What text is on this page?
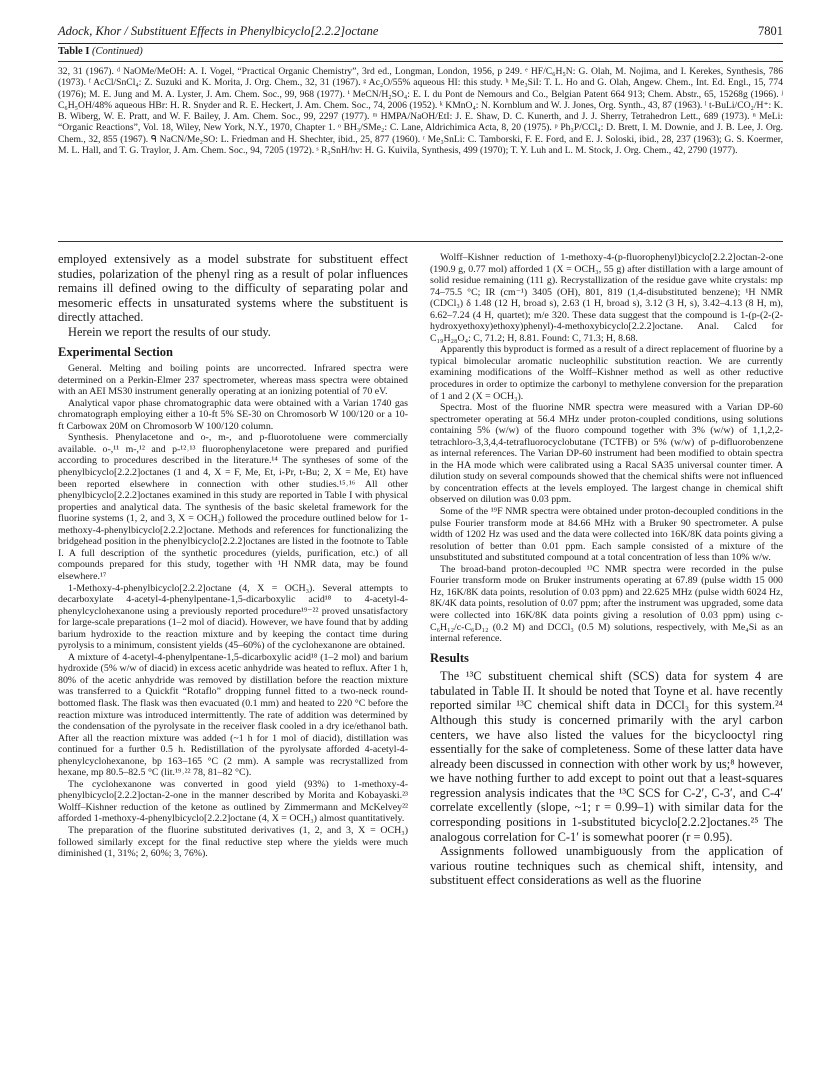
Adock, Khor / Substituent Effects in Phenylbicyclo[2.2.2]octane	7801
Table I (Continued)
32, 31 (1967). ᵈ NaOMe/MeOH: A. I. Vogel, “Practical Organic Chemistry”, 3rd ed., Longman, London, 1956, p 249. ᵉ HF/C₆H₅N: G. Olah, M. Nojima, and I. Kerekes, Synthesis, 786 (1973). ᶠ AcCl/SnCl₄: Z. Suzuki and K. Morita, J. Org. Chem., 32, 31 (1967). ᵍ Ac₂O/55% aqueous HI: this study. ʰ Me₃SiI: T. L. Ho and G. Olah, Angew. Chem., Int. Ed. Engl., 15, 774 (1976); M. E. Jung and M. A. Lyster, J. Am. Chem. Soc., 99, 968 (1977). ⁱ MeCN/H₂SO₄: E. I. du Pont de Nemours and Co., Belgian Patent 664 913; Chem. Abstr., 65, 15268g (1966). ʲ C₆H₅OH/48% aqueous HBr: H. R. Snyder and R. E. Heckert, J. Am. Chem. Soc., 74, 2006 (1952). ᵏ KMnO₄: N. Kornblum and W. J. Jones, Org. Synth., 43, 87 (1963). ˡ t-BuLi/CO₂/H⁺: K. B. Wiberg, W. E. Pratt, and W. F. Bailey, J. Am. Chem. Soc., 99, 2297 (1977). ᵐ HMPA/NaOH/EtI: J. E. Shaw, D. C. Kunerth, and J. J. Sherry, Tetrahedron Lett., 689 (1973). ⁿ MeLi: “Organic Reactions”, Vol. 18, Wiley, New York, N.Y., 1970, Chapter 1. ᵒ BH₃/SMe₂: C. Lane, Aldrichimica Acta, 8, 20 (1975). ᵖ Ph₃P/CCl₄: D. Brett, I. M. Downie, and J. B. Lee, J. Org. Chem., 32, 855 (1967). ᑫ NaCN/Me₂SO: L. Friedman and H. Shechter, ibid., 25, 877 (1960). ʳ Me₃SnLi: C. Tamborski, F. E. Ford, and E. J. Soloski, ibid., 28, 237 (1963); G. S. Koermer, M. L. Hall, and T. G. Traylor, J. Am. Chem. Soc., 94, 7205 (1972). ˢ R₃SnH/hν: H. G. Kuivila, Synthesis, 499 (1970); T. Y. Luh and L. M. Stock, J. Org. Chem., 42, 2790 (1977).

employed extensively as a model substrate for substituent effect studies, polarization of the phenyl ring as a result of polar influences remains ill defined owing to the difficulty of separating polar and mesomeric effects in unsaturated systems where the substituent is directly attached.

Herein we report the results of our study.

Experimental Section

General. Melting and boiling points are uncorrected. Infrared spectra were determined on a Perkin-Elmer 237 spectrometer, whereas mass spectra were obtained with an AEI MS30 instrument generally operating at an ionizing potential of 70 eV.

Analytical vapor phase chromatographic data were obtained with a Varian 1740 gas chromatograph employing either a 10-ft 5% SE-30 on Chromosorb W 100/120 or a 10-ft Carbowax 20M on Chromosorb W 100/120 column.

Synthesis. Phenylacetone and o-, m-, and p-fluorotoluene were commercially available. o-,¹¹ m-,¹² and p-¹²˒¹³ fluorophenylacetone were prepared and purified according to procedures described in the literature.¹⁴ The syntheses of some of the phenylbicyclo[2.2.2]octanes (1 and 4, X = F, Me, Et, i-Pr, t-Bu; 2, X = Me, Et) have been reported elsewhere in connection with other studies.¹⁵˒¹⁶ All other phenylbicyclo[2.2.2]octanes examined in this study are reported in Table I with physical properties and analytical data. The synthesis of the basic skeletal framework for the fluorine systems (1, 2, and 3, X = OCH₃) followed the procedure outlined below for 1-methoxy-4-phenylbicyclo[2.2.2]octane. Methods and references for functionalizing the bridgehead position in the phenylbicyclo[2.2.2]octanes are listed in the footnote to Table I. A full description of the synthetic procedures (yields, purification, etc.) of all compounds prepared for this study, together with ¹H NMR data, may be found elsewhere.¹⁷

1-Methoxy-4-phenylbicyclo[2.2.2]octane (4, X = OCH₃). Several attempts to decarboxylate 4-acetyl-4-phenylpentane-1,5-dicarboxylic acid¹⁸ to 4-acetyl-4-phenylcyclohexanone using a previously reported procedure¹⁹⁻²² proved unsatisfactory for large-scale preparations (1–2 mol of diacid). However, we have found that by adding barium hydroxide to the reaction mixture and by keeping the contact time during pyrolysis to a minimum, consistent yields (45–60%) of the cyclohexanone are obtained.

A mixture of 4-acetyl-4-phenylpentane-1,5-dicarboxylic acid¹⁸ (1–2 mol) and barium hydroxide (5% w/w of diacid) in excess acetic anhydride was heated to reflux. After 1 h, 80% of the acetic anhydride was removed by distillation before the reaction mixture was transferred to a Quickfit “Rotaflo” dropping funnel fitted to a two-neck round-bottomed flask. The flask was then evacuated (0.1 mm) and heated to 220 °C before the reaction mixture was introduced intermittently. The rate of addition was determined by the condensation of the pyrolysate in the receiver flask cooled in a dry ice/ethanol bath. After all the reaction mixture was added (~1 h for 1 mol of diacid), distillation was continued for a further 0.5 h. Redistillation of the pyrolysate afforded 4-acetyl-4-phenylcyclohexanone, bp 163–165 °C (2 mm). A sample was recrystallized from hexane, mp 80.5–82.5 °C (lit.¹⁹˒²² 78, 81–82 °C).

The cyclohexanone was converted in good yield (93%) to 1-methoxy-4-phenylbicyclo[2.2.2]octan-2-one in the manner described by Morita and Kobayaski.²³ Wolff–Kishner reduction of the ketone as outlined by Zimmermann and McKelvey²² afforded 1-methoxy-4-phenylbicyclo[2.2.2]octane (4, X = OCH₃) almost quantitatively.

The preparation of the fluorine substituted derivatives (1, 2, and 3, X = OCH₃) followed similarly except for the final reductive step where the yields were much diminished (1, 31%; 2, 60%; 3, 76%).

Wolff–Kishner reduction of 1-methoxy-4-(p-fluorophenyl)bicyclo[2.2.2]octan-2-one (190.9 g, 0.77 mol) afforded 1 (X = OCH₃, 55 g) after distillation with a large amount of solid residue remaining (111 g). Recrystallization of the residue gave white crystals: mp 74–75.5 °C; IR (cm⁻¹) 3405 (OH), 801, 819 (1,4-disubstituted benzene); ¹H NMR (CDCl₃) δ 1.48 (12 H, broad s), 2.63 (1 H, broad s), 3.12 (3 H, s), 3.42–4.13 (8 H, m), 6.62–7.24 (4 H, quartet); m/e 320. These data suggest that the compound is 1-(p-(2-(2-hydroxyethoxy)ethoxy)phenyl)-4-methoxybicyclo[2.2.2]octane. Anal. Calcd for C₁₉H₂₈O₄: C, 71.2; H, 8.81. Found: C, 71.3; H, 8.68.

Apparently this byproduct is formed as a result of a direct replacement of fluorine by a typical bimolecular aromatic nucleophilic substitution reaction. We are currently examining modifications of the Wolff–Kishner method as well as other reductive procedures in order to optimize the carbonyl to methylene conversion for the preparation of 1 and 2 (X = OCH₃).

Spectra. Most of the fluorine NMR spectra were measured with a Varian DP-60 spectrometer operating at 56.4 MHz under proton-coupled conditions, using solutions containing 5% (w/w) of the fluoro compound together with 3% (w/w) of 1,1,2,2-tetrachloro-3,3,4,4-tetrafluorocyclobutane (TCTFB) or 5% (w/w) of p-difluorobenzene as internal references. The Varian DP-60 instrument had been modified to obtain spectra in the HA mode which were calibrated using a Racal SA35 universal counter timer. A dilution study on several compounds showed that the chemical shifts were not influenced by concentration effects at the levels employed. The largest change in chemical shift observed on dilution was 0.03 ppm.

Some of the ¹⁹F NMR spectra were obtained under proton-decoupled conditions in the pulse Fourier transform mode at 84.66 MHz with a Bruker 90 spectrometer. A pulse width of 1202 Hz was used and the data were collected into 16K/8K data points giving a resolution of better than 0.01 ppm. Each sample consisted of a mixture of the unsubstituted and substituted compound at a total concentration of less than 10% w/w.

The broad-band proton-decoupled ¹³C NMR spectra were recorded in the pulse Fourier transform mode on Bruker instruments operating at 67.89 (pulse width 15 000 Hz, 16K/8K data points, resolution of 0.03 ppm) and 22.625 MHz (pulse width 6024 Hz, 8K/4K data points, resolution of 0.07 ppm; after the instrument was upgraded, some data were collected into 16K/8K data points giving a resolution of 0.03 ppm) using c-C₆H₁₂/c-C₆D₁₂ (0.2 M) and DCCl₃ (0.5 M) solutions, respectively, with Me₄Si as an internal reference.

Results

The ¹³C substituent chemical shift (SCS) data for system 4 are tabulated in Table II. It should be noted that Toyne et al. have recently reported similar ¹³C chemical shift data in DCCl₃ for this system.²⁴ Although this study is concerned primarily with the aryl carbon centers, we have also listed the values for the bicyclooctyl ring essentially for the sake of completeness. Some of these latter data have already been discussed in connection with other work by us;⁸ however, we have nothing further to add except to point out that a least-squares regression analysis indicates that the ¹³C SCS for C-2′, C-3′, and C-4′ correlate excellently (slope, ~1; r = 0.99–1) with similar data for the corresponding positions in 1-substituted bicyclo[2.2.2]octanes.²⁵ The analogous correlation for C-1′ is somewhat poorer (r = 0.95).

Assignments followed unambiguously from the application of various routine techniques such as chemical shift, intensity, and substituent effect considerations as well as the fluorine
